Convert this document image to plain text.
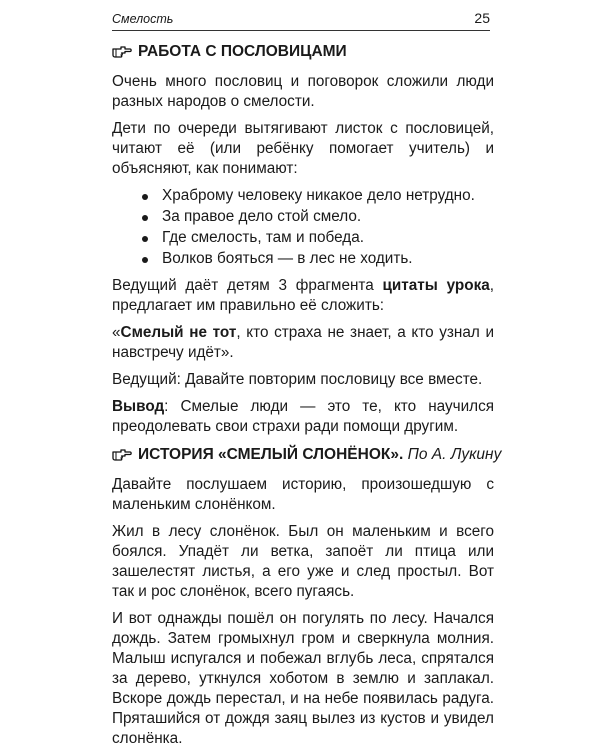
Смелость	25
РАБОТА С ПОСЛОВИЦАМИ

Очень много пословиц и поговорок сложили люди разных народов о смелости.

Дети по очереди вытягивают листок с пословицей, читают её (или ребёнку помогает учитель) и объясняют, как понимают:

Храброму человеку никакое дело нетрудно.
За правое дело стой смело.
Где смелость, там и победа.
Волков бояться — в лес не ходить.

Ведущий даёт детям 3 фрагмента цитаты урока, предлагает им правильно её сложить:

«Смелый не тот, кто страха не знает, а кто узнал и навстречу идёт».

Ведущий: Давайте повторим пословицу все вместе.

Вывод: Смелые люди — это те, кто научился преодолевать свои страхи ради помощи другим.

ИСТОРИЯ «СМЕЛЫЙ СЛОНЁНОК». По А. Лукину

Давайте послушаем историю, произошедшую с маленьким слонёнком.

Жил в лесу слонёнок. Был он маленьким и всего боялся. Упадёт ли ветка, запоёт ли птица или зашелестят листья, а его уже и след простыл. Вот так и рос слонёнок, всего пугаясь.

И вот однажды пошёл он погулять по лесу. Начался дождь. Затем громыхнул гром и сверкнула молния. Малыш испугался и побежал вглубь леса, спрятался за дерево, уткнулся хоботом в землю и заплакал. Вскоре дождь перестал, и на небе появилась радуга. Пряташийся от дождя заяц вылез из кустов и увидел слонёнка.
